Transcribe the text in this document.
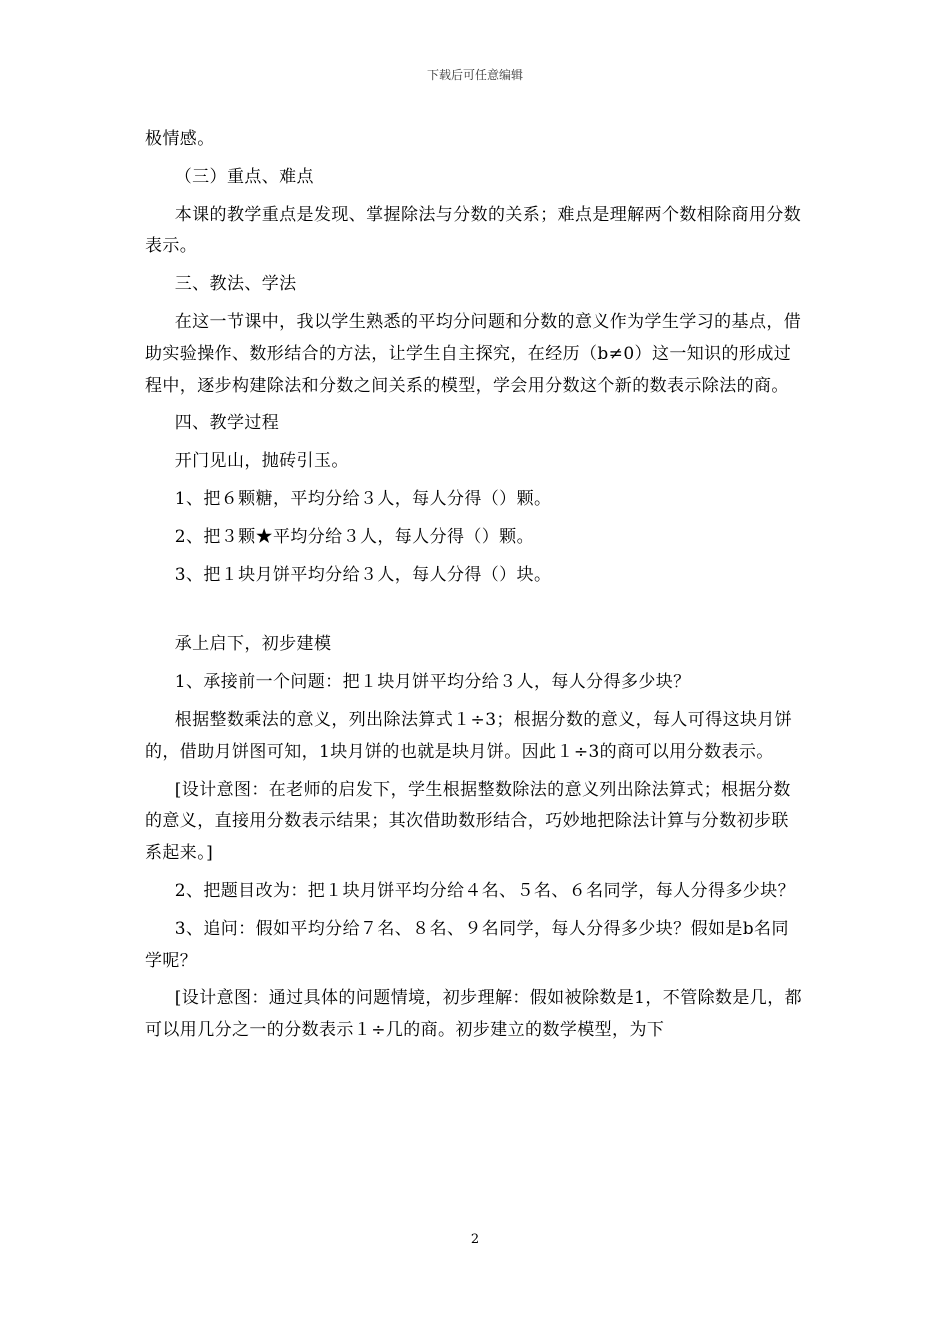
下载后可任意编辑

极情感。

（三）重点、难点

本课的教学重点是发现、掌握除法与分数的关系；难点是理解两个数相除商用分数表示。

三、教法、学法

在这一节课中，我以学生熟悉的平均分问题和分数的意义作为学生学习的基点，借助实验操作、数形结合的方法，让学生自主探究，在经历（b≠0）这一知识的形成过程中，逐步构建除法和分数之间关系的模型，学会用分数这个新的数表示除法的商。

四、教学过程

开门见山，抛砖引玉。

1、把６颗糖，平均分给３人，每人分得（）颗。

2、把３颗★平均分给３人，每人分得（）颗。

3、把１块月饼平均分给３人，每人分得（）块。

承上启下，初步建模

1、承接前一个问题：把１块月饼平均分给３人，每人分得多少块？

根据整数乘法的意义，列出除法算式１÷3；根据分数的意义，每人可得这块月饼的，借助月饼图可知，1块月饼的也就是块月饼。因此１÷3的商可以用分数表示。

[设计意图：在老师的启发下，学生根据整数除法的意义列出除法算式；根据分数的意义，直接用分数表示结果；其次借助数形结合，巧妙地把除法计算与分数初步联系起来。]

2、把题目改为：把１块月饼平均分给４名、５名、６名同学，每人分得多少块？

3、追问：假如平均分给７名、８名、９名同学，每人分得多少块？假如是b名同学呢？

[设计意图：通过具体的问题情境，初步理解：假如被除数是1，不管除数是几，都可以用几分之一的分数表示１÷几的商。初步建立的数学模型，为下

2
